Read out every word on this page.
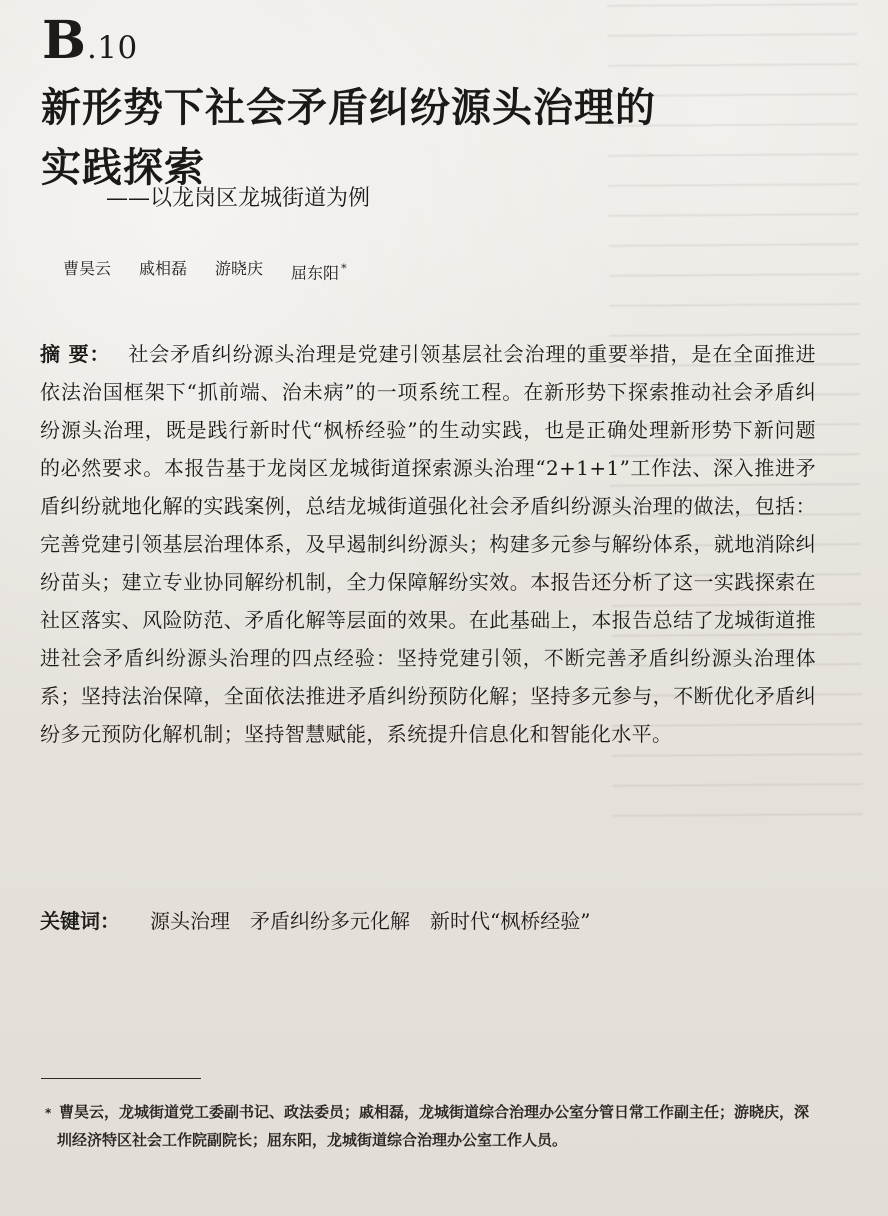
B .10
新形势下社会矛盾纠纷源头治理的
实践探索
——以龙岗区龙城街道为例
曹昊云 戚相磊 游晓庆 屈东阳 *
摘 要： 社会矛盾纠纷源头治理是党建引领基层社会治理的重要举措，是在全面推进依法治国框架下“抓前端、治未病”的一项系统工程。在新形势下探索推动社会矛盾纠纷源头治理，既是践行新时代“枫桥经验”的生动实践，也是正确处理新形势下新问题的必然要求。本报告基于龙岗区龙城街道探索源头治理“2+1+1”工作法、深入推进矛盾纠纷就地化解的实践案例，总结龙城街道强化社会矛盾纠纷源头治理的做法，包括：完善党建引领基层治理体系，及早遏制纠纷源头；构建多元参与解纷体系，就地消除纠纷苗头；建立专业协同解纷机制，全力保障解纷实效。本报告还分析了这一实践探索在社区落实、风险防范、矛盾化解等层面的效果。在此基础上，本报告总结了龙城街道推进社会矛盾纠纷源头治理的四点经验：坚持党建引领，不断完善矛盾纠纷源头治理体系；坚持法治保障，全面依法推进矛盾纠纷预防化解；坚持多元参与，不断优化矛盾纠纷多元预防化解机制；坚持智慧赋能，系统提升信息化和智能化水平。
关键词： 源头治理 矛盾纠纷多元化解 新时代“枫桥经验”
* 曹昊云，龙城街道党工委副书记、政法委员；戚相磊，龙城街道综合治理办公室分管日常工作副主任；游晓庆，深圳经济特区社会工作院副院长；屈东阳，龙城街道综合治理办公室工作人员。
